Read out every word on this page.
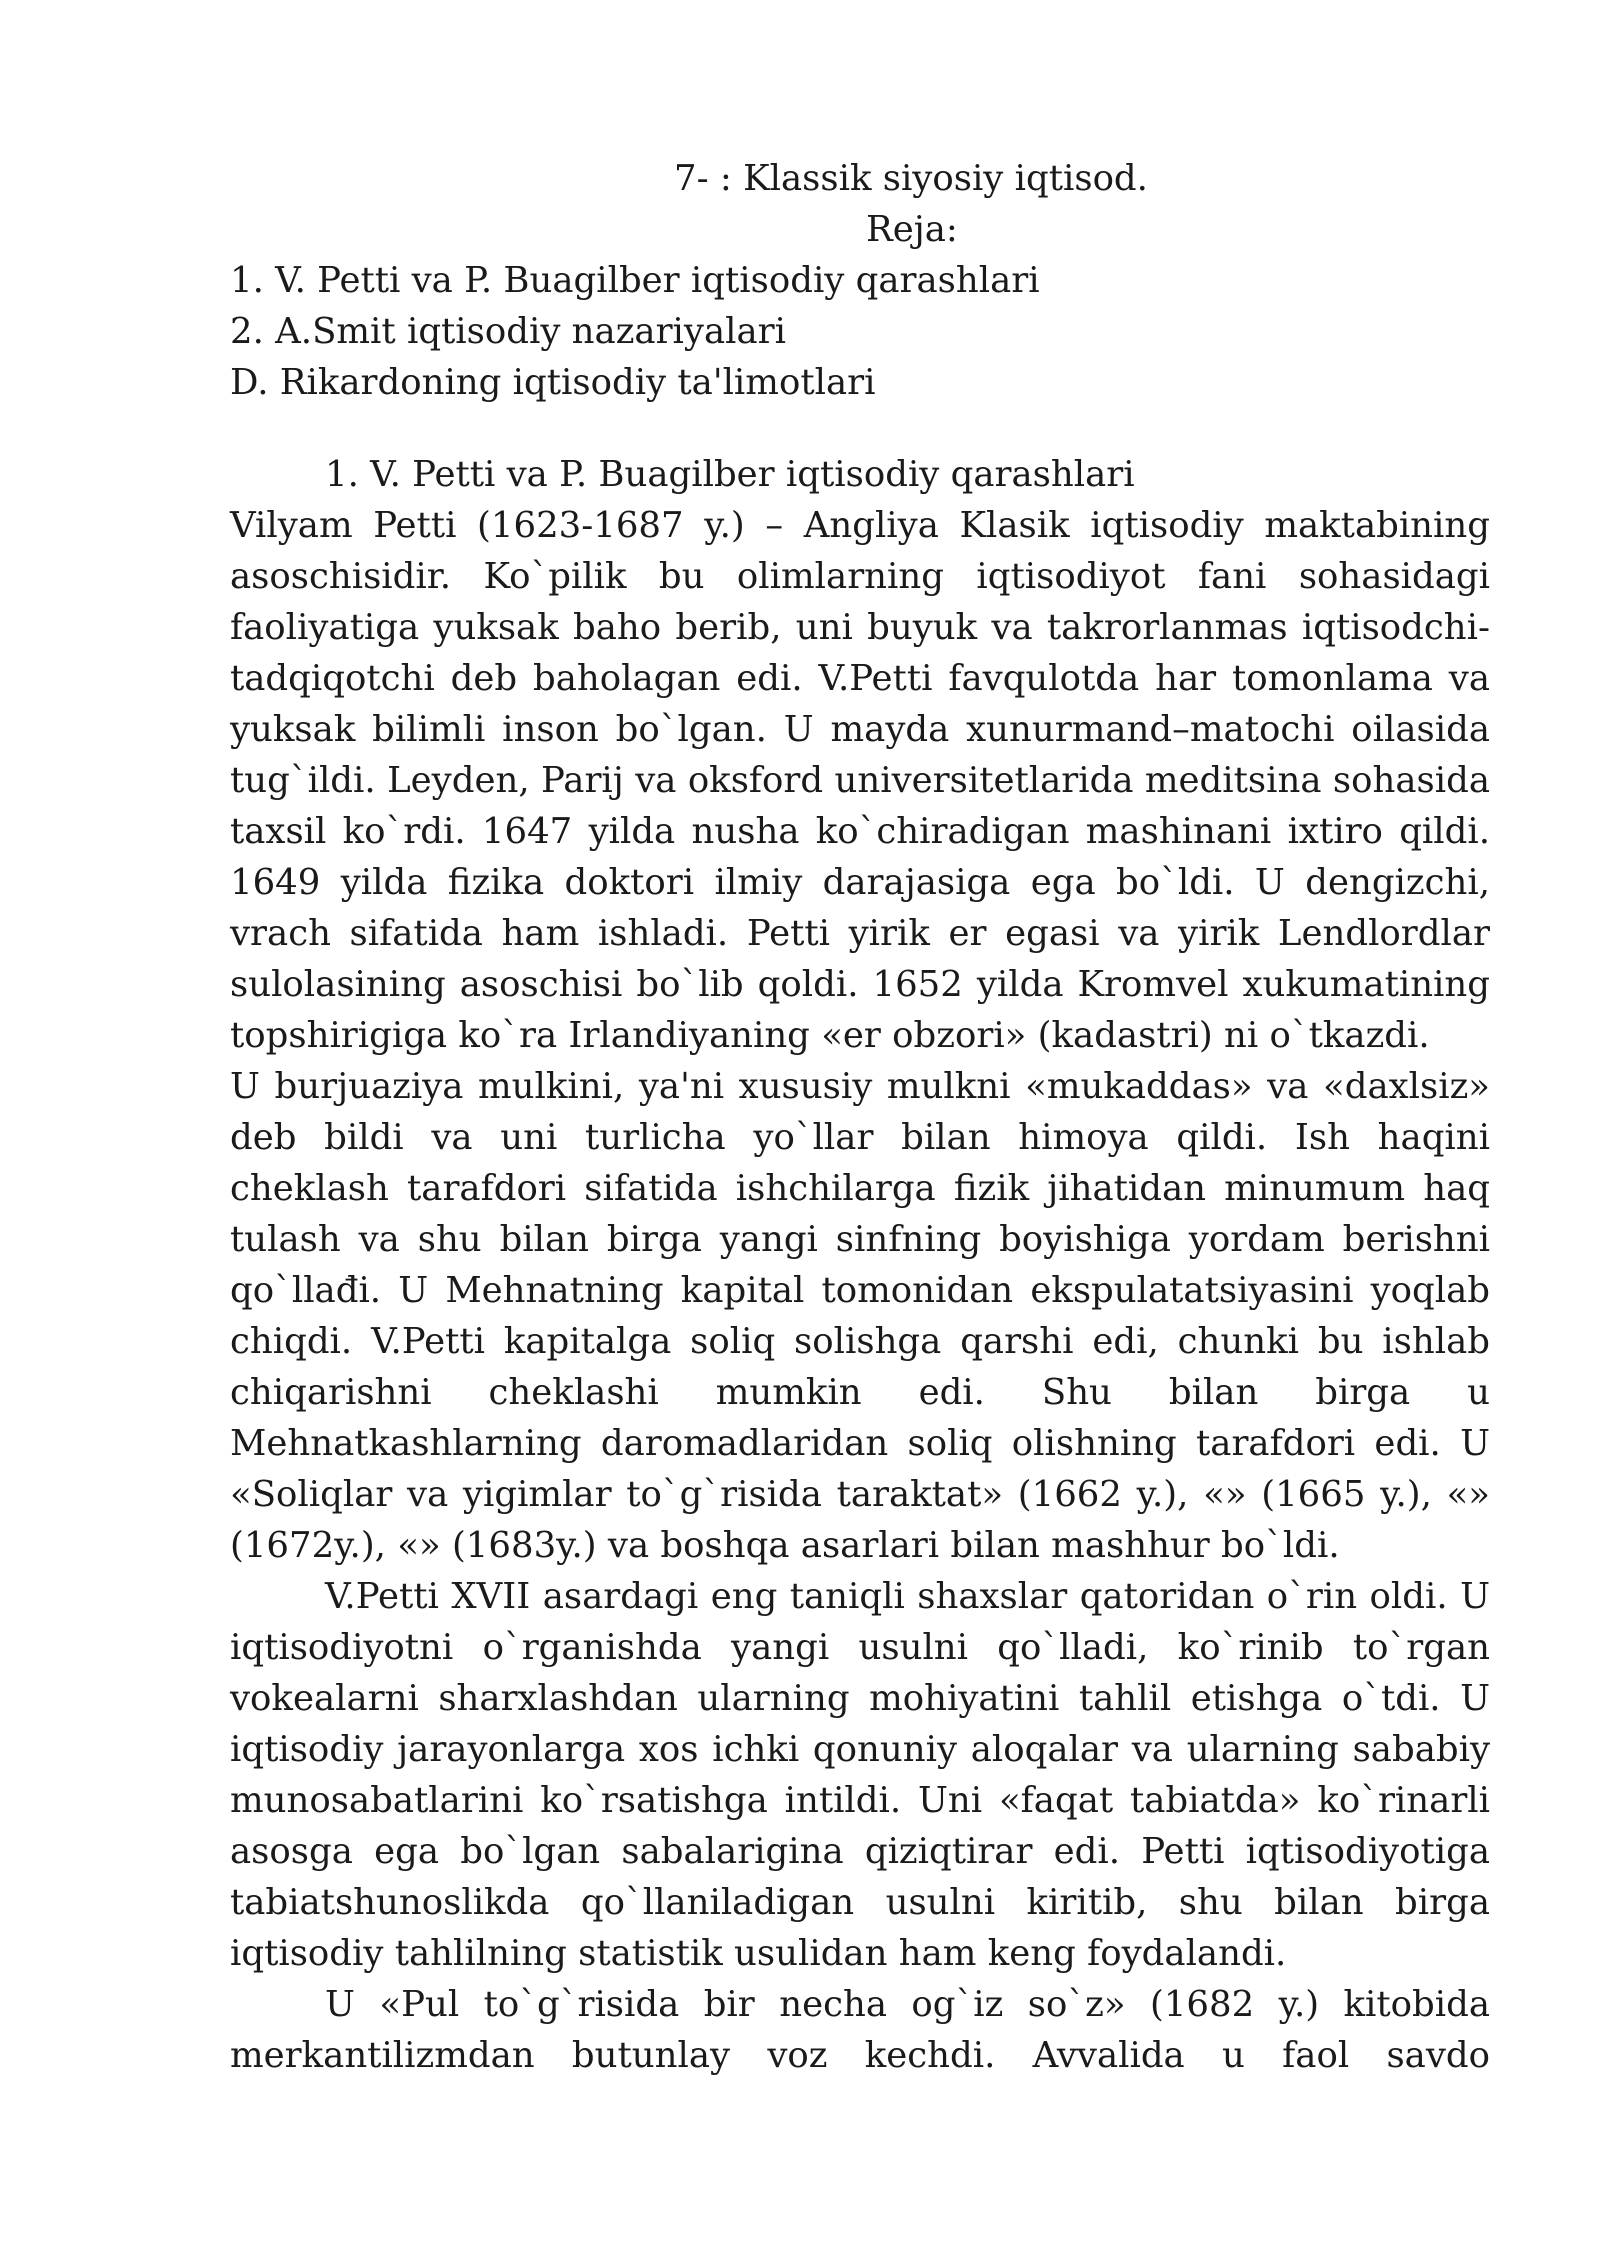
7- : Klassik siyosiy iqtisod.

Reja:

1. V. Petti va P. Buagilber iqtisodiy qarashlari
2. A.Smit iqtisodiy nazariyalari
D. Rikardoning iqtisodiy ta'limotlari

1. V. Petti va P. Buagilber iqtisodiy qarashlari

Vilyam Petti (1623-1687 y.) – Angliya Klasik iqtisodiy maktabining asoschisidir. Ko`pilik bu olimlarning iqtisodiyot fani sohasidagi faoliyatiga yuksak baho berib, uni buyuk va takrorlanmas iqtisodchi-tadqiqotchi deb baholagan edi. V.Petti favqulotda har tomonlama va yuksak bilimli inson bo`lgan. U mayda xunurmand–matochi oilasida tug`ildi. Leyden, Parij va oksford universitetlarida meditsina sohasida taxsil ko`rdi. 1647 yilda nusha ko`chiradigan mashinani ixtiro qildi. 1649 yilda fizika doktori ilmiy darajasiga ega bo`ldi. U dengizchi, vrach sifatida ham ishladi. Petti yirik er egasi va yirik Lendlordlar sulolasining asoschisi bo`lib qoldi. 1652 yilda Kromvel xukumatining topshirigiga ko`ra Irlandiyaning «er obzori» (kadastri) ni o`tkazdi.

U burjuaziya mulkini, ya'ni xususiy mulkni «mukaddas» va «daxlsiz» deb bildi va uni turlicha yo`llar bilan himoya qildi. Ish haqini cheklash tarafdori sifatida ishchilarga fizik jihatidan minumum haq tulash va shu bilan birga yangi sinfning boyishiga yordam berishni qo`llađi. U Mehnatning kapital tomonidan ekspulatatsiyasini yoqlab chiqdi. V.Petti kapitalga soliq solishga qarshi edi, chunki bu ishlab chiqarishni cheklashi mumkin edi. Shu bilan birga u Mehnatkashlarning daromadlaridan soliq olishning tarafdori edi. U «Soliqlar va yigimlar to`g`risida taraktat» (1662 y.), «» (1665 y.), «» (1672y.), «» (1683y.) va boshqa asarlari bilan mashhur bo`ldi.

V.Petti XVII asardagi eng taniqli shaxslar qatoridan o`rin oldi. U iqtisodiyotni o`rganishda yangi usulni qo`lladi, ko`rinib to`rgan vokealarni sharxlashdan ularning mohiyatini tahlil etishga o`tdi. U iqtisodiy jarayonlarga xos ichki qonuniy aloqalar va ularning sababiy munosabatlarini ko`rsatishga intildi. Uni «faqat tabiatda» ko`rinarli asosga ega bo`lgan sabalarigina qiziqtirar edi. Petti iqtisodiyotiga tabiatshunoslikda qo`llaniladigan usulni kiritib, shu bilan birga iqtisodiy tahlilning statistik usulidan ham keng foydalandi.

U «Pul to`g`risida bir necha og`iz so`z» (1682 y.) kitobida merkantilizmdan butunlay voz kechdi. Avvalida u faol savdo
